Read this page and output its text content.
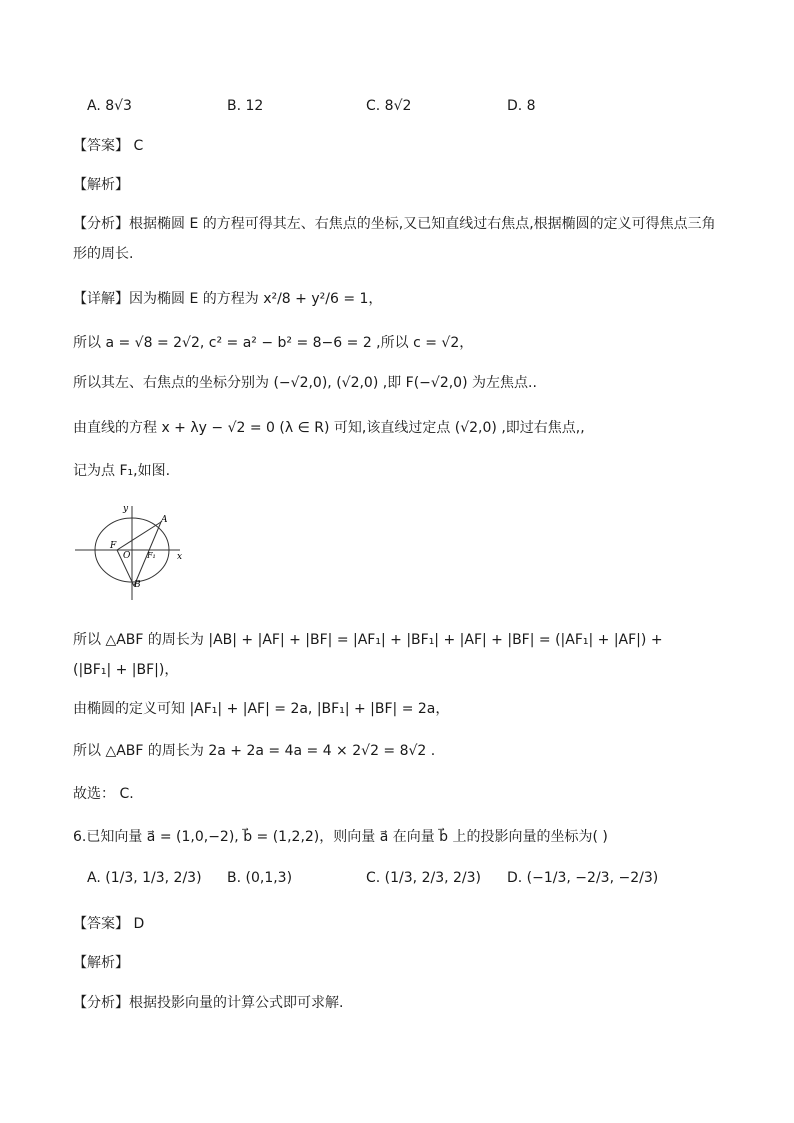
A. 8√3	B. 12	C. 8√2	D. 8
【答案】 C
【解析】
【分析】根据椭圆 E 的方程可得其左、右焦点的坐标,又已知直线过右焦点,根据椭圆的定义可得焦点三角
形的周长.
【详解】因为椭圆 E 的方程为 x²/8 + y²/6 = 1，
所以 a = √8 = 2√2, c² = a² − b² = 8−6 = 2 ,所以 c = √2，
所以其左、右焦点的坐标分别为 (−√2,0), (√2,0) ,即 F(−√2,0) 为左焦点..
由直线的方程 x + λy − √2 = 0 (λ ∈ R) 可知,该直线过定点 (√2,0) ,即过右焦点,,
记为点 F₁,如图.
y
x
A
B
F
O F₁
所以 △ABF 的周长为 |AB| + |AF| + |BF| = |AF₁| + |BF₁| + |AF| + |BF| = (|AF₁| + |AF|) +
(|BF₁| + |BF|)，
由椭圆的定义可知 |AF₁| + |AF| = 2a, |BF₁| + |BF| = 2a，
所以 △ABF 的周长为 2a + 2a = 4a = 4 × 2√2 = 8√2 .
故选： C.
6.已知向量 a⃗ = (1,0,−2), b⃗ = (1,2,2)，则向量 a⃗ 在向量 b⃗ 上的投影向量的坐标为( )
A. (1/3, 1/3, 2/3) B. (0,1,3)	C. (1/3, 2/3, 2/3) D. (−1/3, −2/3, −2/3)
【答案】 D
【解析】
【分析】根据投影向量的计算公式即可求解.
